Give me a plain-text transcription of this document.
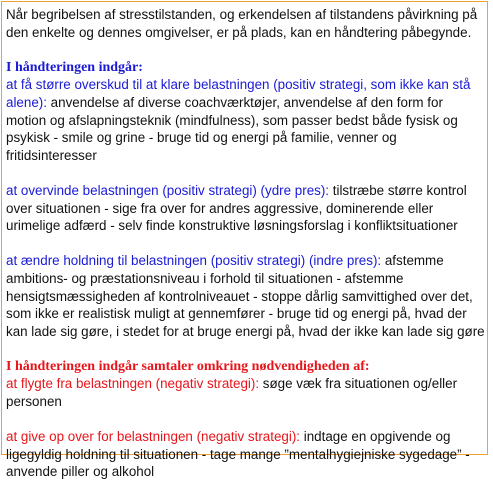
Når begribelsen af stresstilstanden, og erkendelsen af tilstandens påvirkning på den enkelte og dennes omgivelser, er på plads, kan en håndtering påbegynde.

I håndteringen indgår:

at få større overskud til at klare belastningen (positiv strategi, som ikke kan stå alene): anvendelse af diverse coachværktøjer, anvendelse af den form for motion og afslapningsteknik (mindfulness), som passer bedst både fysisk og psykisk - smile og grine - bruge tid og energi på familie, venner og fritidsinteresser

at overvinde belastningen (positiv strategi) (ydre pres): tilstræbe større kontrol over situationen - sige fra over for andres aggressive, dominerende eller urimelige adfærd - selv finde konstruktive løsningsforslag i konfliktsituationer

at ændre holdning til belastningen (positiv strategi) (indre pres): afstemme ambitions- og præstationsniveau i forhold til situationen - afstemme hensigtsmæssigheden af kontrolniveauet - stoppe dårlig samvittighed over det, som ikke er realistisk muligt at gennemfører - bruge tid og energi på, hvad der kan lade sig gøre, i stedet for at bruge energi på, hvad der ikke kan lade sig gøre

I håndteringen indgår samtaler omkring nødvendigheden af:

at flygte fra belastningen (negativ strategi): søge væk fra situationen og/eller personen

at give op over for belastningen (negativ strategi): indtage en opgivende og ligegyldig holdning til situationen - tage mange ”mentalhygiejniske sygedage” - anvende piller og alkohol
